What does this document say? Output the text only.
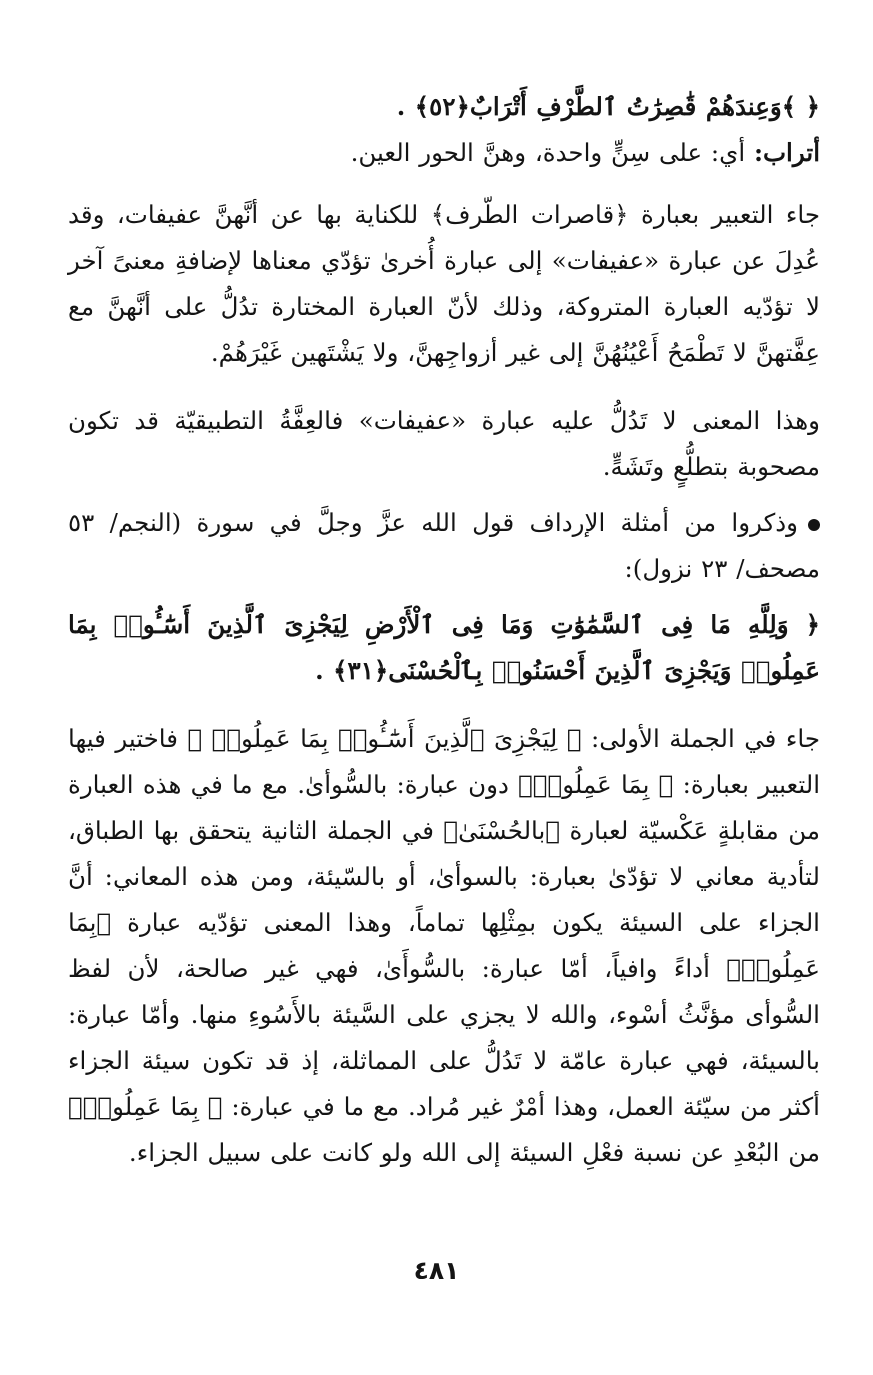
﴿ ﴾وَعِندَهُمْ قَٰصِرَٰتُ ٱلطَّرْفِ أَتْرَابٌ﴿٥٢﴾ .

أتراب: أي: على سِنٍّ واحدة، وهنَّ الحور العين.

جاء التعبير بعبارة ﴿قاصرات الطّرف﴾ للكناية بها عن أنَّهنَّ عفيفات، وقد عُدِلَ عن عبارة «عفيفات» إلى عبارة أُخرىٰ تؤدّي معناها لإضافةِ معنىً آخر لا تؤدّيه العبارة المتروكة، وذلك لأنّ العبارة المختارة تدُلُّ على أنَّهنَّ مع عِفَّتهنَّ لا تَطْمَحُ أَعْيُنُهُنَّ إلى غير أزواجِهنَّ، ولا يَشْتَهين غَيْرَهُمْ.

وهذا المعنى لا تَدُلُّ عليه عبارة «عفيفات» فالعِفَّةُ التطبيقيّة قد تكون مصحوبة بتطلُّعٍ وتَشَهٍّ.

وذكروا من أمثلة الإرداف قول الله عزَّ وجلَّ في سورة (النجم/ ٥٣ مصحف/ ٢٣ نزول):

﴿ وَلِلَّهِ مَا فِى ٱلسَّمَٰوَٰتِ وَمَا فِى ٱلْأَرْضِ لِيَجْزِىَ ٱلَّذِينَ أَسَٰٓـُٔوا۟ بِمَا عَمِلُوا۟ وَيَجْزِىَ ٱلَّذِينَ أَحْسَنُوا۟ بِٱلْحُسْنَى﴿٣١﴾ .

جاء في الجملة الأولى: ﴿ لِيَجْزِىَ ٱلَّذِينَ أَسَٰٓـُٔوا۟ بِمَا عَمِلُوا۟ ﴾ فاختير فيها التعبير بعبارة: ﴿ بِمَا عَمِلُوا۟﴾ دون عبارة: بالسُّوأىٰ. مع ما في هذه العبارة من مقابلةٍ عَكْسيّة لعبارة ﴿بالحُسْنَىٰ﴾ في الجملة الثانية يتحقق بها الطباق، لتأدية معاني لا تؤدّىٰ بعبارة: بالسوأىٰ، أو بالسّيئة، ومن هذه المعاني: أنَّ الجزاء على السيئة يكون بمِثْلِها تماماً، وهذا المعنى تؤدّيه عبارة ﴿بِمَا عَمِلُوا۟﴾ أداءً وافياً، أمّا عبارة: بالسُّوأَىٰ، فهي غير صالحة، لأن لفظ السُّوأى مؤنَّثُ أسْوء، والله لا يجزي على السَّيئة بالأَسُوءِ منها. وأمّا عبارة: بالسيئة، فهي عبارة عامّة لا تَدُلُّ على المماثلة، إذ قد تكون سيئة الجزاء أكثر من سيّئة العمل، وهذا أمْرٌ غير مُراد. مع ما في عبارة: ﴿ بِمَا عَمِلُوا۟﴾ من البُعْدِ عن نسبة فعْلِ السيئة إلى الله ولو كانت على سبيل الجزاء.

٤٨١
